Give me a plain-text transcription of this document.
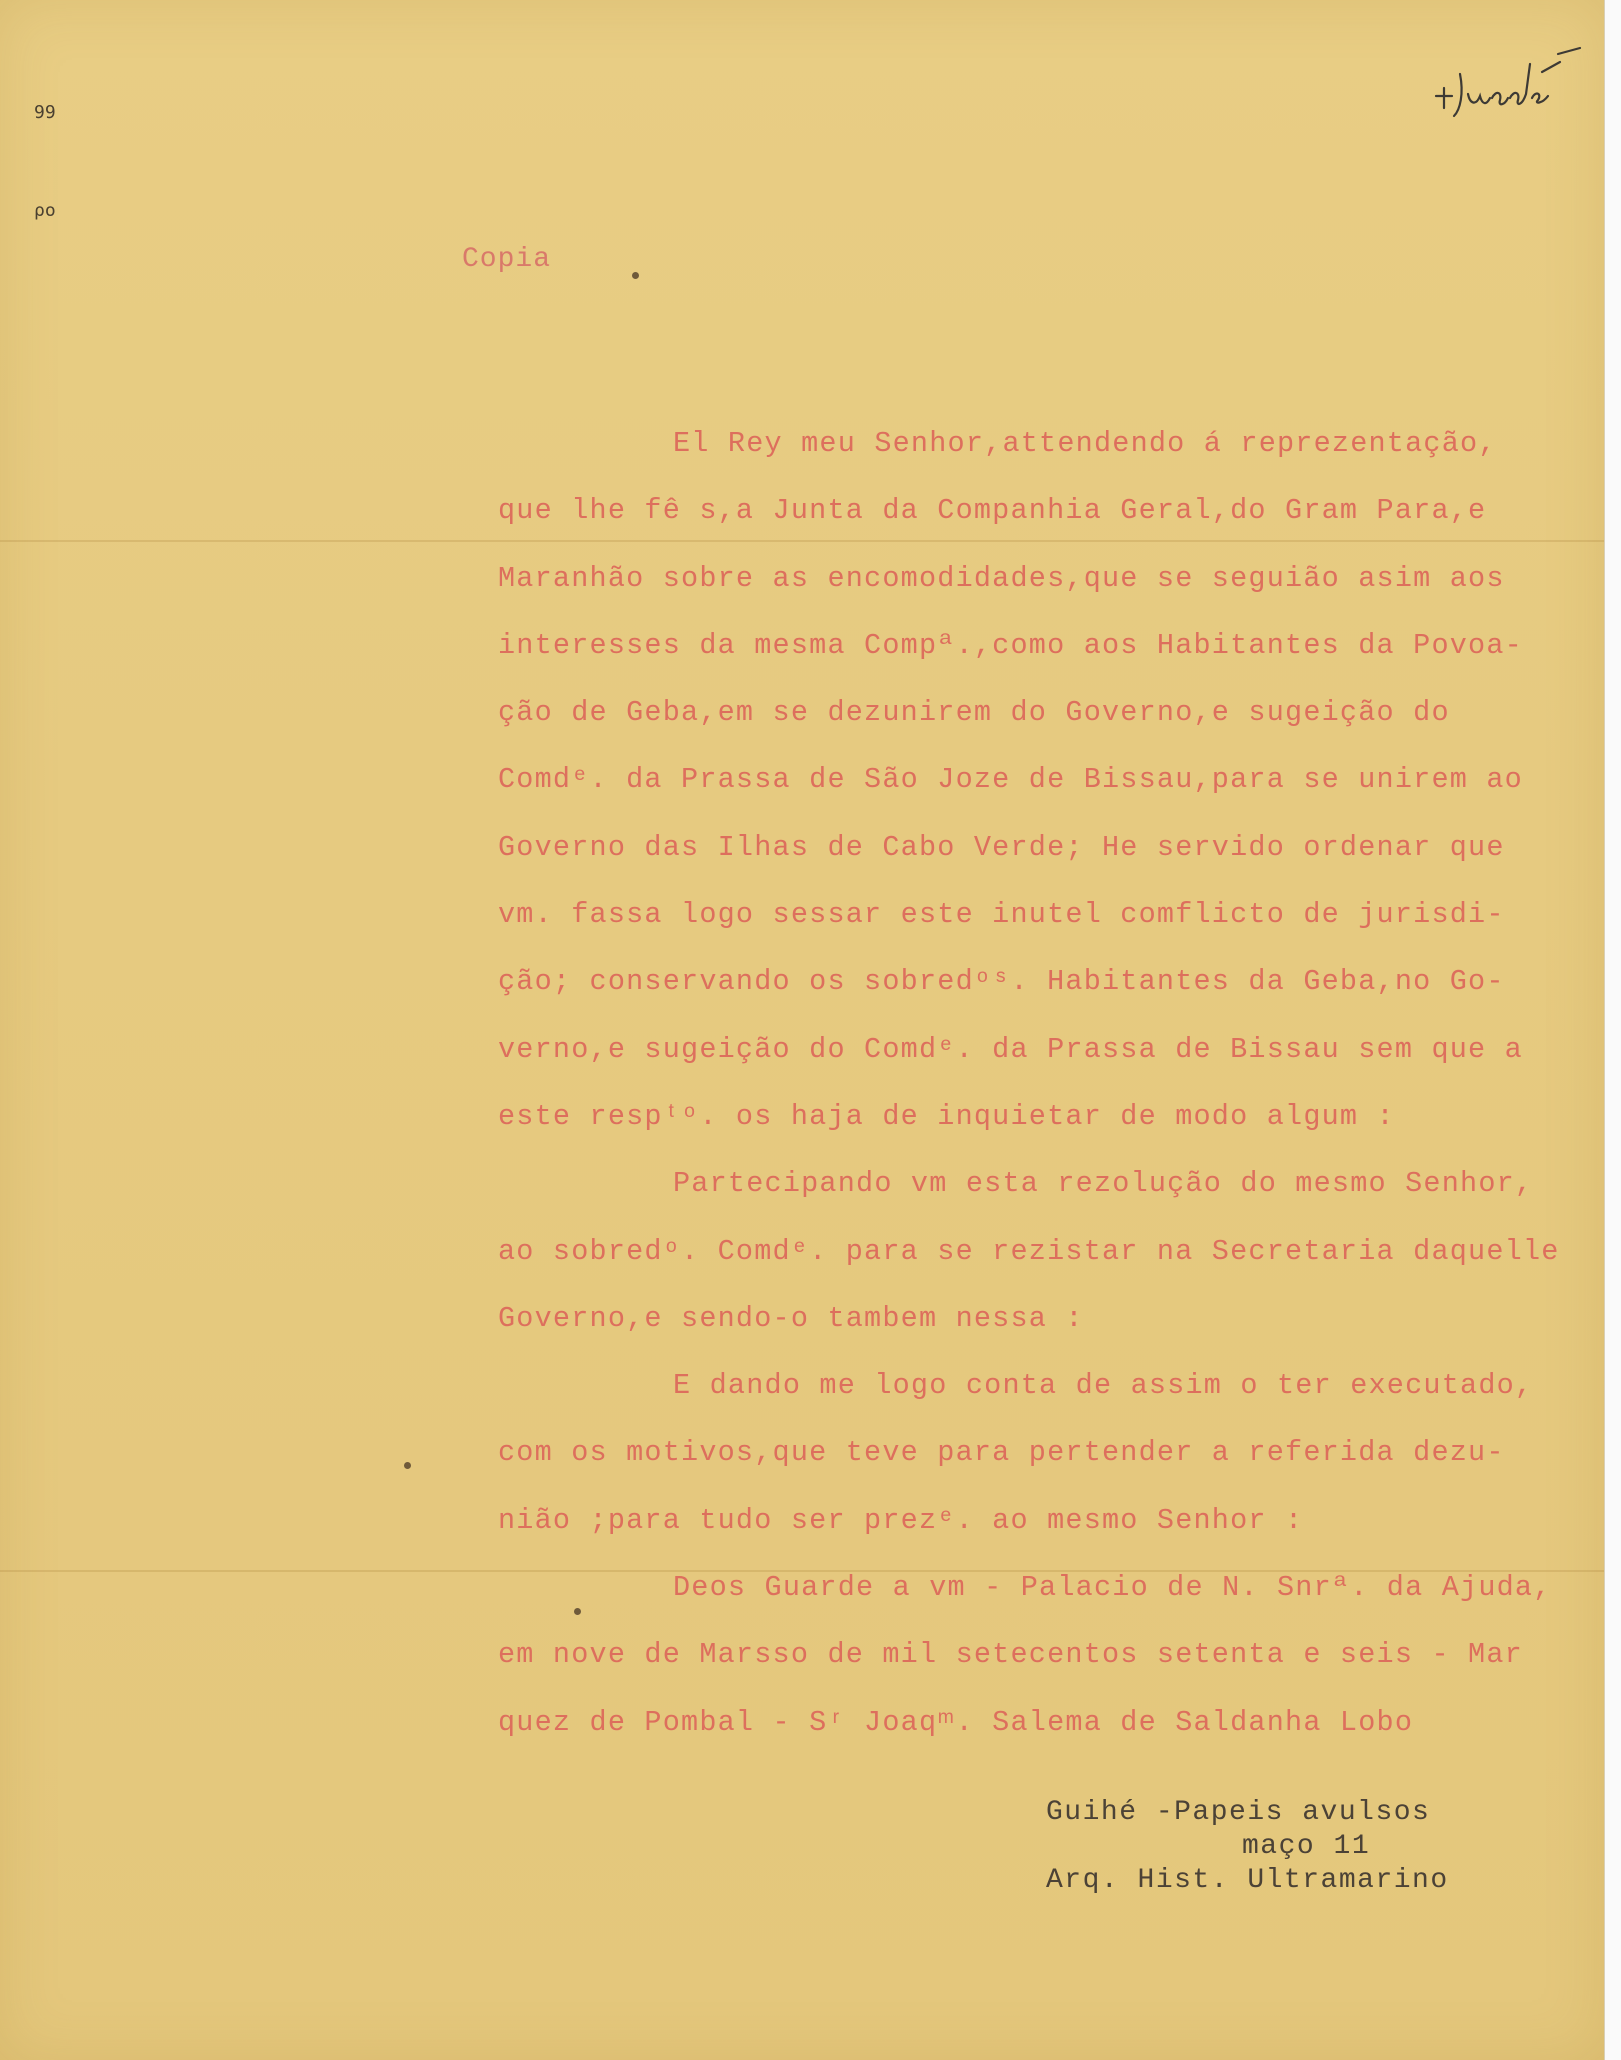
99
ρο
Copia
El Rey meu Senhor,attendendo á reprezentação,
que lhe fê s,a Junta da Companhia Geral,do Gram Para,e
Maranhão sobre as encomodidades,que se seguião asim aos
interesses da mesma Compª.,como aos Habitantes da Povoa-
ção de Geba,em se dezunirem do Governo,e sugeição do
Comdᵉ. da Prassa de São Joze de Bissau,para se unirem ao
Governo das Ilhas de Cabo Verde; He servido ordenar que
vm. fassa logo sessar este inutel comflicto de jurisdi-
ção; conservando os sobredᵒˢ. Habitantes da Geba,no Go-
verno,e sugeição do Comdᵉ. da Prassa de Bissau sem que a
este respᵗᵒ. os haja de inquietar de modo algum :
Partecipando vm esta rezolução do mesmo Senhor,
ao sobredᵒ. Comdᵉ. para se rezistar na Secretaria daquelle
Governo,e sendo-o tambem nessa :
E dando me logo conta de assim o ter executado,
com os motivos,que teve para pertender a referida dezu-
nião ;para tudo ser prezᵉ. ao mesmo Senhor :
Deos Guarde a vm - Palacio de N. Snrª. da Ajuda,
em nove de Marsso de mil setecentos setenta e seis - Mar
quez de Pombal - Sʳ Joaqᵐ. Salema de Saldanha Lobo
Guihé -Papeis avulsos
maço 11
Arq. Hist. Ultramarino
